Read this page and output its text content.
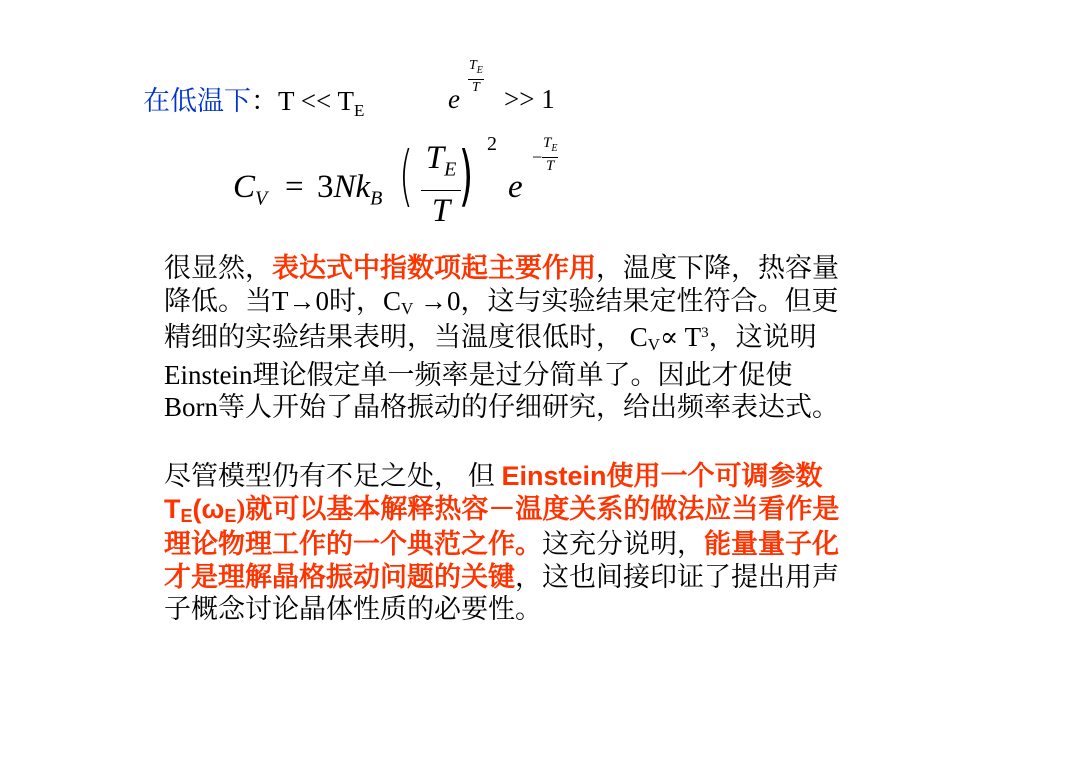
在低温下：$T << T_E$	e
$\frac{T_E}{T}$
>> 1
$C_V = 3Nk_B$ ( $\frac{T_E}{T}$
) 2
e
− $\frac{T_E}{T}$
很显然，表达式中指数项起主要作用，温度下降，热容量
降低。当T→0时，$C_V \to 0$，这与实验结果定性符合。但更
精细的实验结果表明，当温度很低时， $C_V\propto T^3$，这说明
Einstein理论假定单一频率是过分简单了。因此才促使
Born等人开始了晶格振动的仔细研究，给出频率表达式。
尽管模型仍有不足之处， 但 Einstein使用一个可调参数
$T_E(\omega_E)$就可以基本解释热容－温度关系的做法应当看作是
理论物理工作的一个典范之作。这充分说明，能量量子化
才是理解晶格振动问题的关键，这也间接印证了提出用声
子概念讨论晶体性质的必要性。
